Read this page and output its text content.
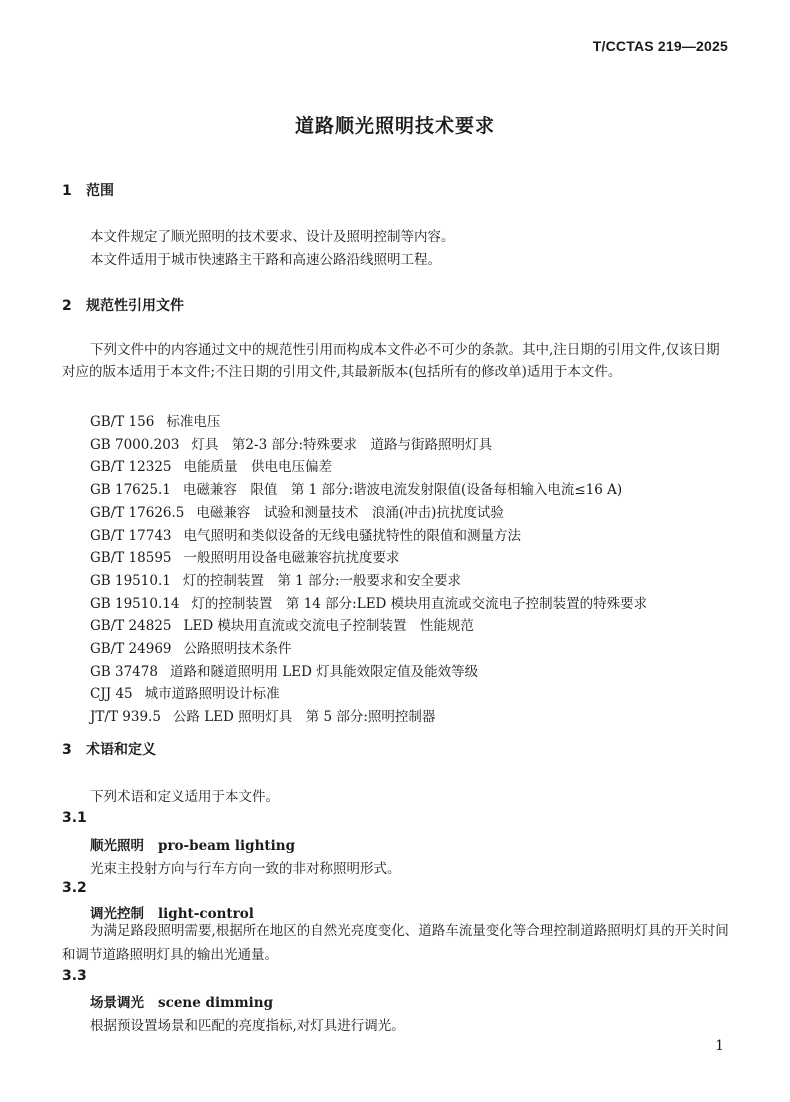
T/CCTAS 219—2025
道路顺光照明技术要求
1 范围
本文件规定了顺光照明的技术要求、设计及照明控制等内容。
本文件适用于城市快速路主干路和高速公路沿线照明工程。
2 规范性引用文件
下列文件中的内容通过文中的规范性引用而构成本文件必不可少的条款。其中,注日期的引用文件,仅该日期对应的版本适用于本文件;不注日期的引用文件,其最新版本(包括所有的修改单)适用于本文件。
GB/T 156 标准电压
GB 7000.203 灯具　第2-3 部分:特殊要求　道路与街路照明灯具
GB/T 12325 电能质量　供电电压偏差
GB 17625.1 电磁兼容　限值　第 1 部分:谐波电流发射限值(设备每相输入电流≤16 A)
GB/T 17626.5 电磁兼容　试验和测量技术　浪涌(冲击)抗扰度试验
GB/T 17743 电气照明和类似设备的无线电骚扰特性的限值和测量方法
GB/T 18595 一般照明用设备电磁兼容抗扰度要求
GB 19510.1 灯的控制装置　第 1 部分:一般要求和安全要求
GB 19510.14 灯的控制装置　第 14 部分:LED 模块用直流或交流电子控制装置的特殊要求
GB/T 24825 LED 模块用直流或交流电子控制装置　性能规范
GB/T 24969 公路照明技术条件
GB 37478 道路和隧道照明用 LED 灯具能效限定值及能效等级
CJJ 45 城市道路照明设计标准
JT/T 939.5 公路 LED 照明灯具　第 5 部分:照明控制器
3 术语和定义
下列术语和定义适用于本文件。
3.1
顺光照明 pro-beam lighting
光束主投射方向与行车方向一致的非对称照明形式。
3.2
调光控制 light-control
为满足路段照明需要,根据所在地区的自然光亮度变化、道路车流量变化等合理控制道路照明灯具的开关时间和调节道路照明灯具的输出光通量。
3.3
场景调光 scene dimming
根据预设置场景和匹配的亮度指标,对灯具进行调光。
1
